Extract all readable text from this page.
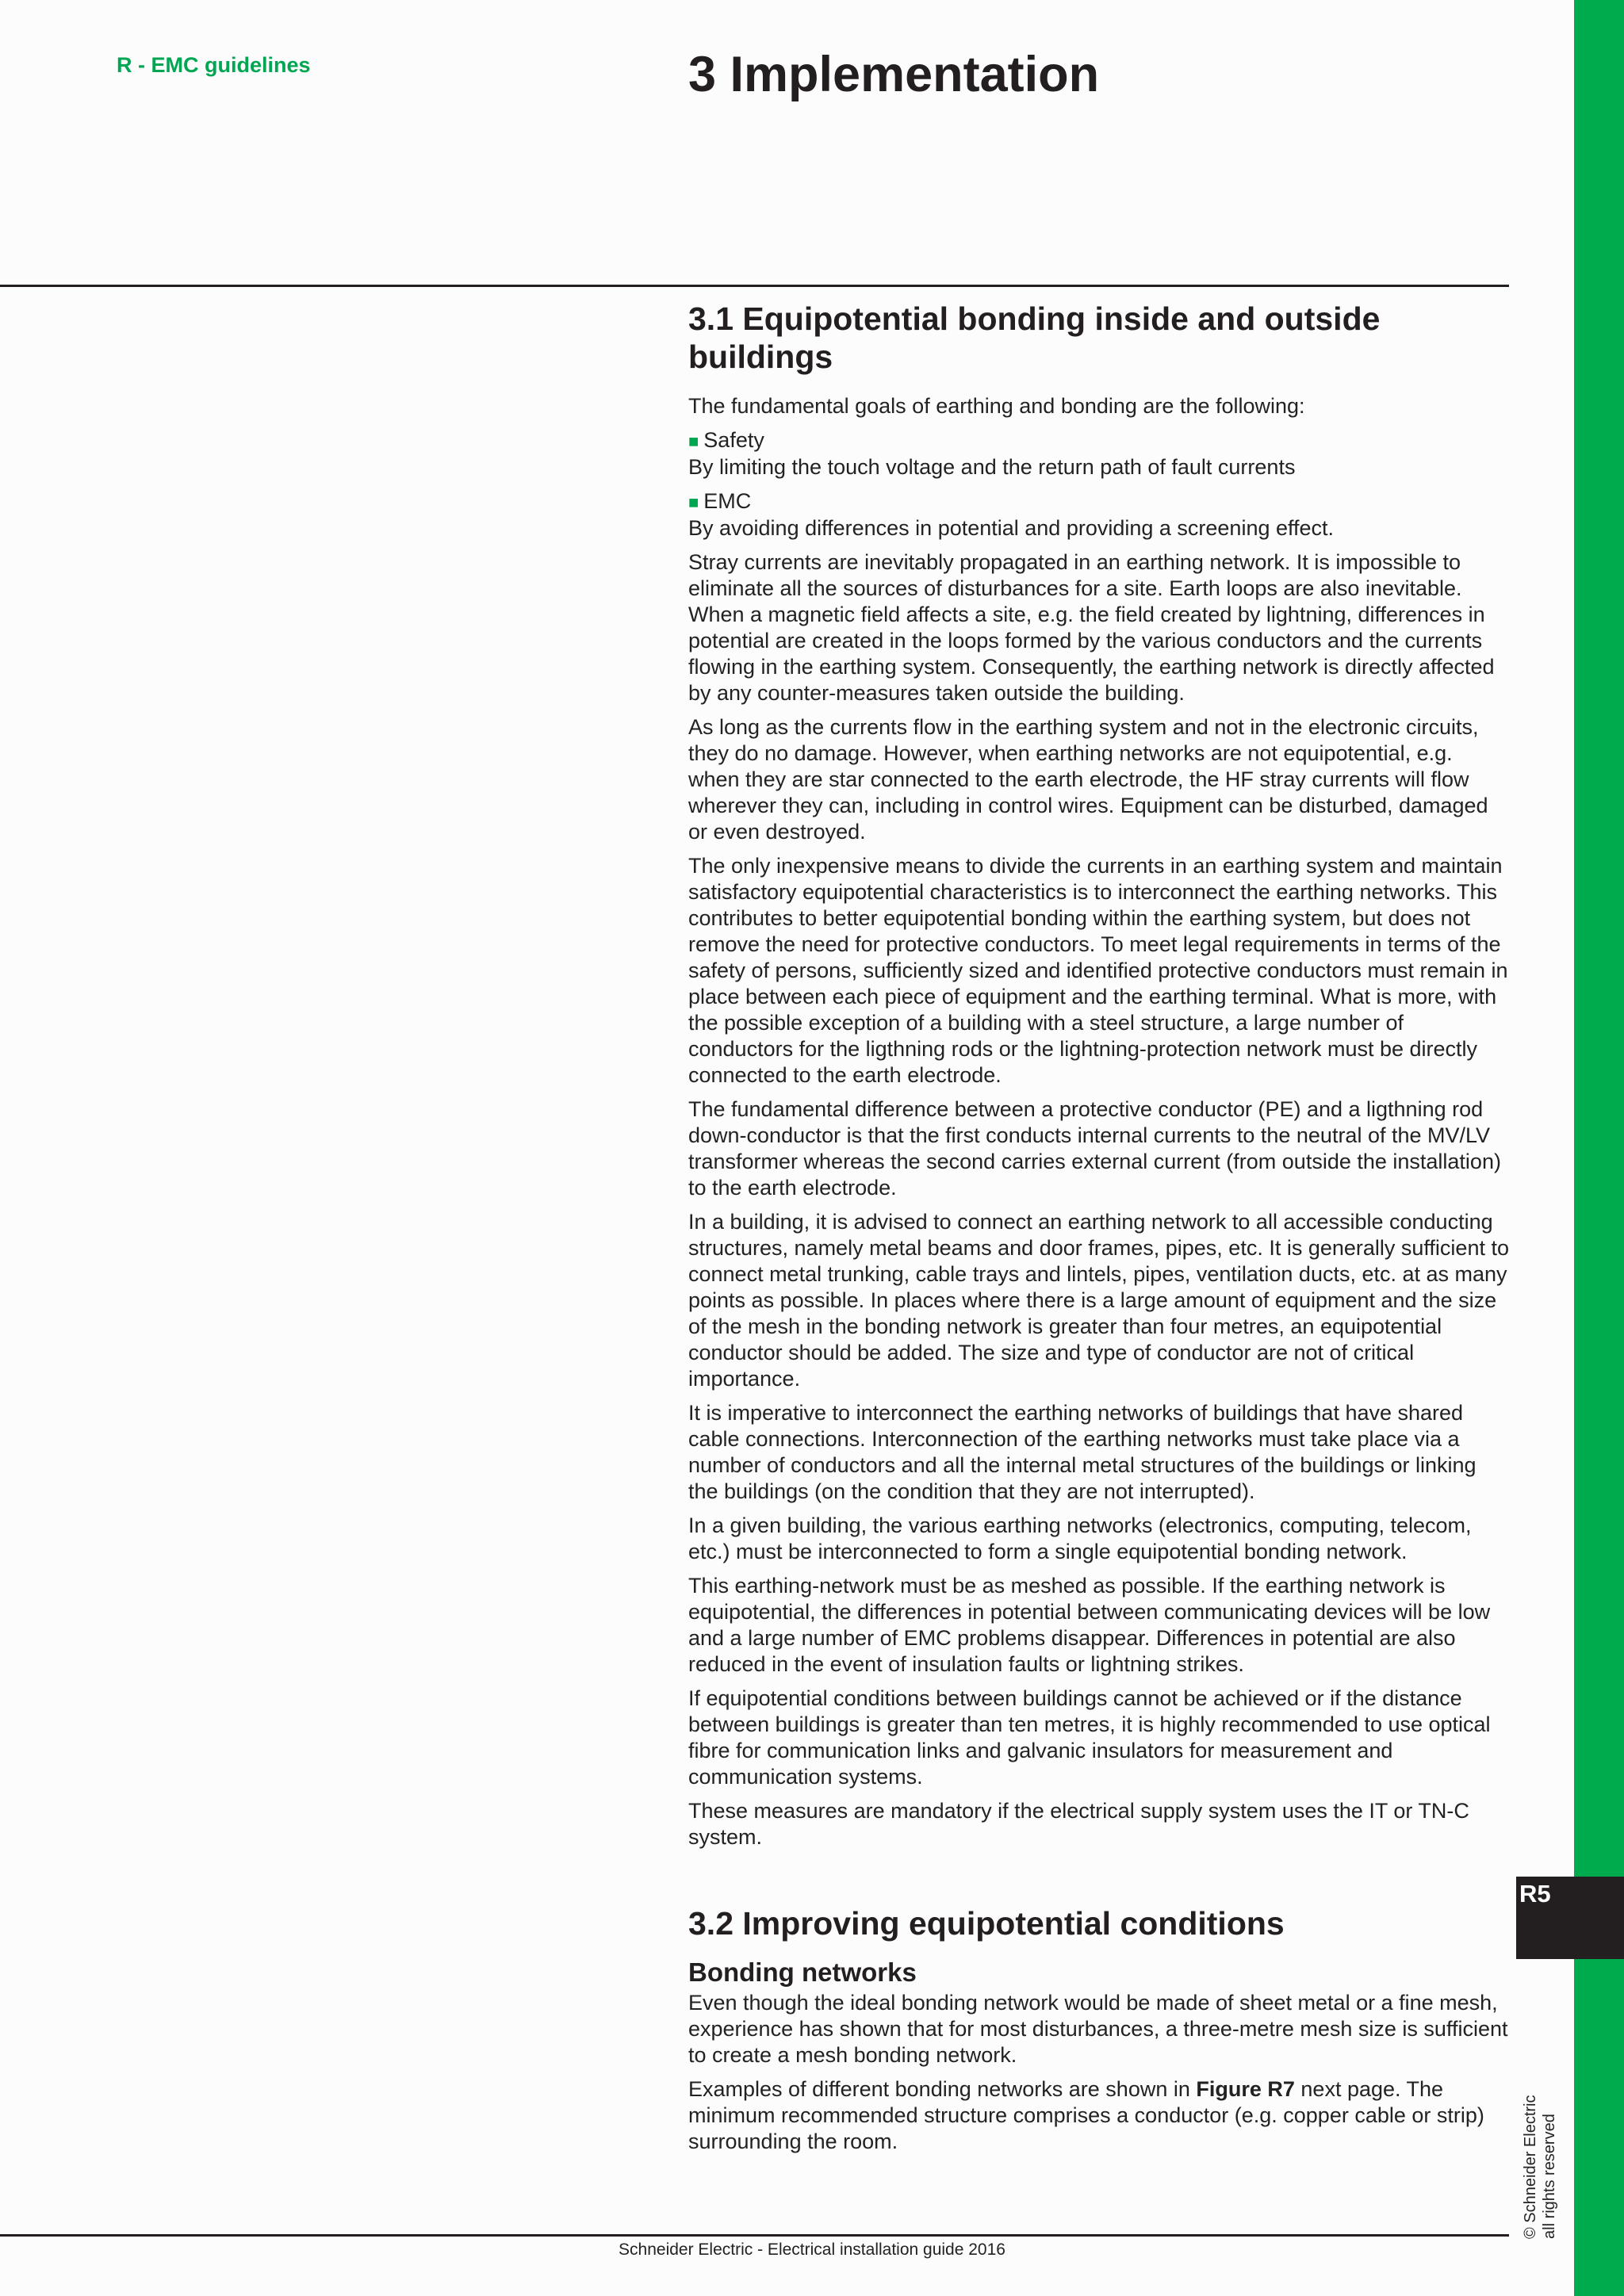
R5
© Schneider Electric all rights reserved
R - EMC guidelines	3 Implementation
3.1 Equipotential bonding inside and outside buildings

The fundamental goals of earthing and bonding are the following:

■ Safety

By limiting the touch voltage and the return path of fault currents

■ EMC

By avoiding differences in potential and providing a screening effect.

Stray currents are inevitably propagated in an earthing network. It is impossible to eliminate all the sources of disturbances for a site. Earth loops are also inevitable. When a magnetic field affects a site, e.g. the field created by lightning, differences in potential are created in the loops formed by the various conductors and the currents flowing in the earthing system. Consequently, the earthing network is directly affected by any counter-measures taken outside the building.

As long as the currents flow in the earthing system and not in the electronic circuits, they do no damage. However, when earthing networks are not equipotential, e.g. when they are star connected to the earth electrode, the HF stray currents will flow wherever they can, including in control wires. Equipment can be disturbed, damaged or even destroyed.

The only inexpensive means to divide the currents in an earthing system and maintain satisfactory equipotential characteristics is to interconnect the earthing networks. This contributes to better equipotential bonding within the earthing system, but does not remove the need for protective conductors. To meet legal requirements in terms of the safety of persons, sufficiently sized and identified protective conductors must remain in place between each piece of equipment and the earthing terminal. What is more, with the possible exception of a building with a steel structure, a large number of conductors for the ligthning rods or the lightning-protection network must be directly connected to the earth electrode.

The fundamental difference between a protective conductor (PE) and a ligthning rod down-conductor is that the first conducts internal currents to the neutral of the MV/LV transformer whereas the second carries external current (from outside the installation) to the earth electrode.

In a building, it is advised to connect an earthing network to all accessible conducting structures, namely metal beams and door frames, pipes, etc. It is generally sufficient to connect metal trunking, cable trays and lintels, pipes, ventilation ducts, etc. at as many points as possible. In places where there is a large amount of equipment and the size of the mesh in the bonding network is greater than four metres, an equipotential conductor should be added. The size and type of conductor are not of critical importance.

It is imperative to interconnect the earthing networks of buildings that have shared cable connections. Interconnection of the earthing networks must take place via a number of conductors and all the internal metal structures of the buildings or linking the buildings (on the condition that they are not interrupted).

In a given building, the various earthing networks (electronics, computing, telecom, etc.) must be interconnected to form a single equipotential bonding network.

This earthing-network must be as meshed as possible. If the earthing network is equipotential, the differences in potential between communicating devices will be low and a large number of EMC problems disappear. Differences in potential are also reduced in the event of insulation faults or lightning strikes.

If equipotential conditions between buildings cannot be achieved or if the distance between buildings is greater than ten metres, it is highly recommended to use optical fibre for communication links and galvanic insulators for measurement and communication systems.

These measures are mandatory if the electrical supply system uses the IT or TN-C system.

3.2 Improving equipotential conditions
Bonding networks

Even though the ideal bonding network would be made of sheet metal or a fine mesh, experience has shown that for most disturbances, a three-metre mesh size is sufficient to create a mesh bonding network.

Examples of different bonding networks are shown in Figure R7 next page. The minimum recommended structure comprises a conductor (e.g. copper cable or strip) surrounding the room.

Schneider Electric - Electrical installation guide 2016
